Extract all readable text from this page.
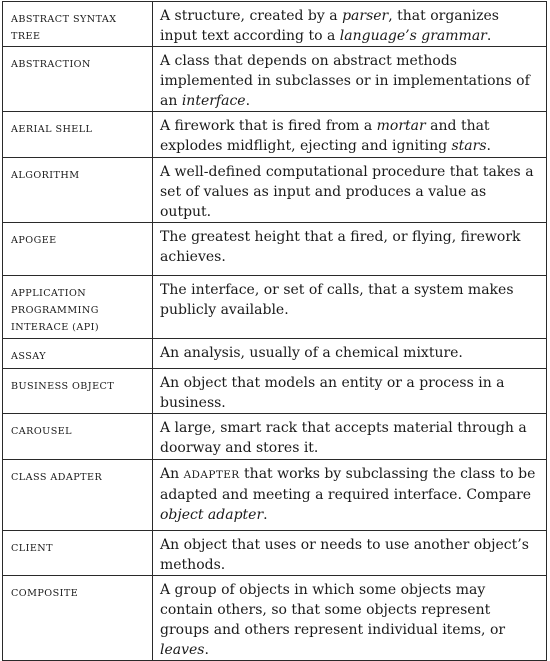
ABSTRACT SYNTAX TREE	A structure, created by a parser, that organizes input text according to a language’s grammar.
ABSTRACTION	A class that depends on abstract methods implemented in subclasses or in implementations of an interface.
AERIAL SHELL	A firework that is fired from a mortar and that explodes midflight, ejecting and igniting stars.
ALGORITHM	A well-defined computational procedure that takes a set of values as input and produces a value as output.
APOGEE	The greatest height that a fired, or flying, firework achieves.
APPLICATION PROGRAMMING INTERACE (API)	The interface, or set of calls, that a system makes publicly available.
ASSAY	An analysis, usually of a chemical mixture.
BUSINESS OBJECT	An object that models an entity or a process in a business.
CAROUSEL	A large, smart rack that accepts material through a doorway and stores it.
CLASS ADAPTER	An ADAPTER that works by subclassing the class to be adapted and meeting a required interface. Compare object adapter.
CLIENT	An object that uses or needs to use another object’s methods.
COMPOSITE	A group of objects in which some objects may contain others, so that some objects represent groups and others represent individual items, or leaves.
